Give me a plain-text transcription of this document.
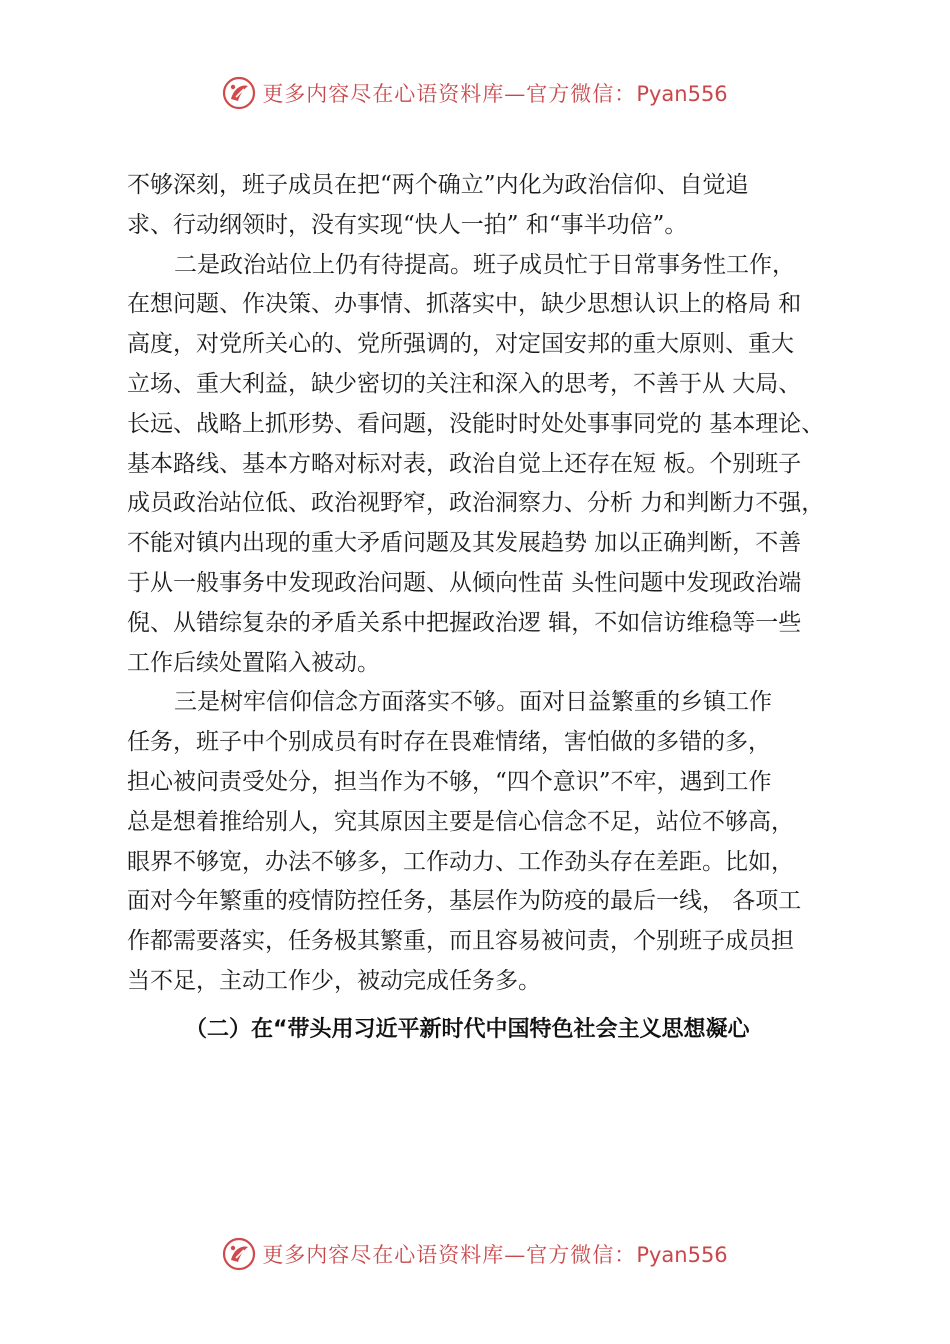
更多内容尽在心语资料库—官方微信：Pyan556
不够深刻，班子成员在把“两个确立”内化为政治信仰、自觉追
求、行动纲领时，没有实现“快人一拍” 和“事半功倍”。
二是政治站位上仍有待提高。班子成员忙于日常事务性工作，
在想问题、作决策、办事情、抓落实中，缺少思想认识上的格局 和
高度，对党所关心的、党所强调的，对定国安邦的重大原则、重大
立场、重大利益，缺少密切的关注和深入的思考，不善于从 大局、
长远、战略上抓形势、看问题，没能时时处处事事同党的 基本理论、
基本路线、基本方略对标对表，政治自觉上还存在短 板。个别班子
成员政治站位低、政治视野窄，政治洞察力、分析 力和判断力不强，
不能对镇内出现的重大矛盾问题及其发展趋势 加以正确判断，不善
于从一般事务中发现政治问题、从倾向性苗 头性问题中发现政治端
倪、从错综复杂的矛盾关系中把握政治逻 辑，不如信访维稳等一些
工作后续处置陷入被动。
三是树牢信仰信念方面落实不够。面对日益繁重的乡镇工作
任务，班子中个别成员有时存在畏难情绪，害怕做的多错的多，
担心被问责受处分，担当作为不够，“四个意识”不牢，遇到工作
总是想着推给别人，究其原因主要是信心信念不足，站位不够高，
眼界不够宽，办法不够多，工作动力、工作劲头存在差距。比如，
面对今年繁重的疫情防控任务，基层作为防疫的最后一线， 各项工
作都需要落实，任务极其繁重，而且容易被问责，个别班子成员担
当不足，主动工作少，被动完成任务多。
（二）在“带头用习近平新时代中国特色社会主义思想凝心
更多内容尽在心语资料库—官方微信：Pyan556
